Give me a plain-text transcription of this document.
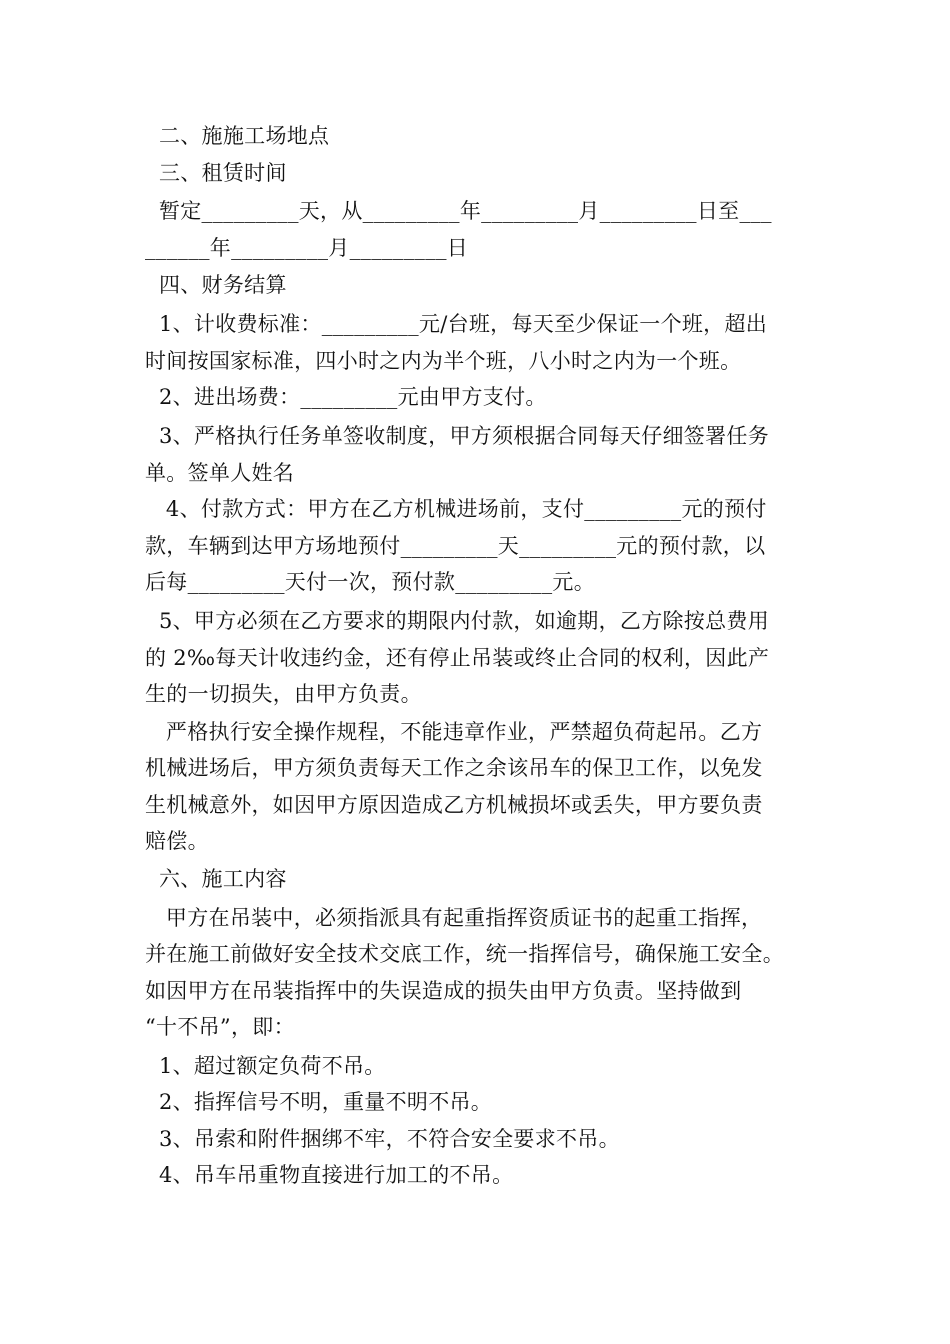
二、施施工场地点
三、租赁时间
暂定_________天，从_________年_________月_________日至___
______年_________月_________日
四、财务结算
1、计收费标准：_________元/台班，每天至少保证一个班，超出
时间按国家标准，四小时之内为半个班，八小时之内为一个班。
2、进出场费：_________元由甲方支付。
3、严格执行任务单签收制度，甲方须根据合同每天仔细签署任务
单。签单人姓名
4、付款方式：甲方在乙方机械进场前，支付_________元的预付
款，车辆到达甲方场地预付_________天_________元的预付款，以
后每_________天付一次，预付款_________元。
5、甲方必须在乙方要求的期限内付款，如逾期，乙方除按总费用
的 2‰每天计收违约金，还有停止吊装或终止合同的权利，因此产
生的一切损失，由甲方负责。
严格执行安全操作规程，不能违章作业，严禁超负荷起吊。乙方
机械进场后，甲方须负责每天工作之余该吊车的保卫工作，以免发
生机械意外，如因甲方原因造成乙方机械损坏或丢失，甲方要负责
赔偿。
六、施工内容
甲方在吊装中，必须指派具有起重指挥资质证书的起重工指挥，
并在施工前做好安全技术交底工作，统一指挥信号，确保施工安全。
如因甲方在吊装指挥中的失误造成的损失由甲方负责。坚持做到
“十不吊”，即：
1、超过额定负荷不吊。
2、指挥信号不明，重量不明不吊。
3、吊索和附件捆绑不牢，不符合安全要求不吊。
4、吊车吊重物直接进行加工的不吊。
